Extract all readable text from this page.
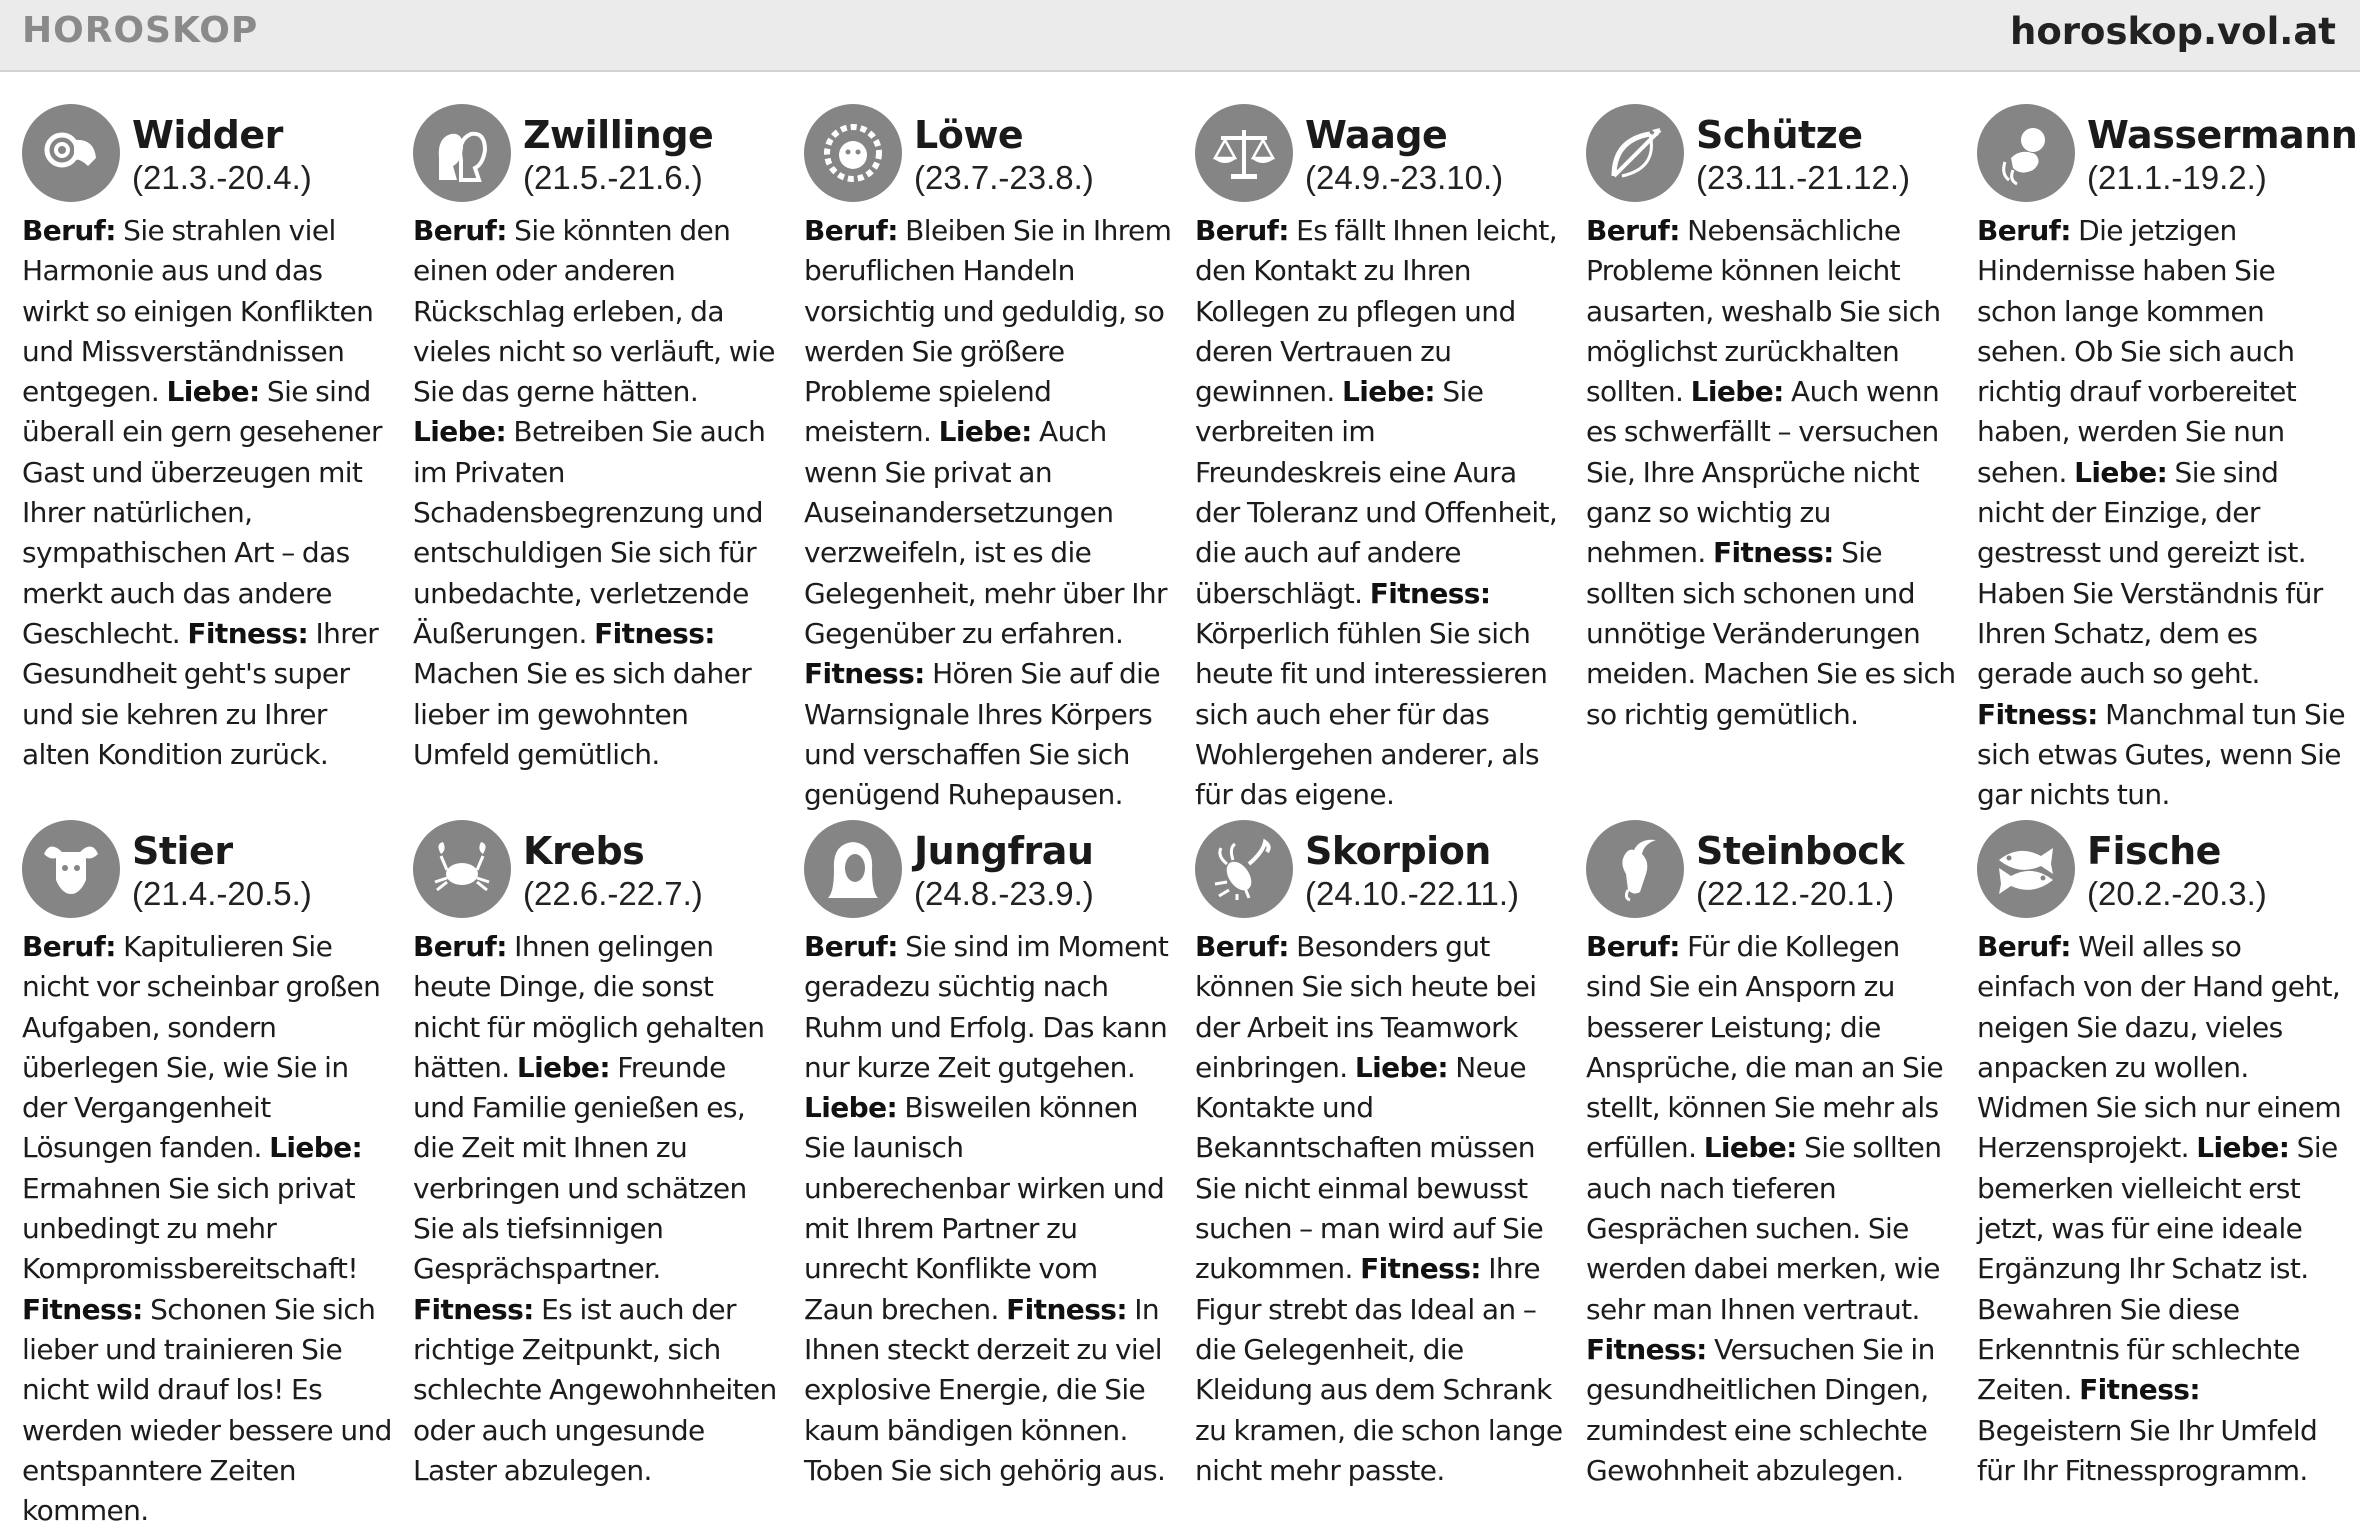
HOROSKOP	horoskop.vol.at
Widder
(21.3.-20.4.)
Beruf: Sie strahlen viel Harmonie aus und das wirkt so einigen Konflikten und Missverständnissen entgegen. Liebe: Sie sind überall ein gern gesehener Gast und überzeugen mit Ihrer natürlichen, sympathischen Art – das merkt auch das andere Geschlecht. Fitness: Ihrer Gesundheit geht's super und sie kehren zu Ihrer alten Kondition zurück.
Zwillinge
(21.5.-21.6.)
Beruf: Sie könnten den einen oder anderen Rückschlag erleben, da vieles nicht so verläuft, wie Sie das gerne hätten. Liebe: Betreiben Sie auch im Privaten Schadensbegrenzung und entschuldigen Sie sich für unbedachte, verletzende Äußerungen. Fitness: Machen Sie es sich daher lieber im gewohnten Umfeld gemütlich.
Löwe
(23.7.-23.8.)
Beruf: Bleiben Sie in Ihrem beruflichen Handeln vorsichtig und geduldig, so werden Sie größere Probleme spielend meistern. Liebe: Auch wenn Sie privat an Auseinandersetzungen verzweifeln, ist es die Gelegenheit, mehr über Ihr Gegenüber zu erfahren. Fitness: Hören Sie auf die Warnsignale Ihres Körpers und verschaffen Sie sich genügend Ruhepausen.
Waage
(24.9.-23.10.)
Beruf: Es fällt Ihnen leicht, den Kontakt zu Ihren Kollegen zu pflegen und deren Vertrauen zu gewinnen. Liebe: Sie verbreiten im Freundeskreis eine Aura der Toleranz und Offenheit, die auch auf andere überschlägt. Fitness: Körperlich fühlen Sie sich heute fit und interessieren sich auch eher für das Wohlergehen anderer, als für das eigene.
Schütze
(23.11.-21.12.)
Beruf: Nebensächliche Probleme können leicht ausarten, weshalb Sie sich möglichst zurückhalten sollten. Liebe: Auch wenn es schwerfällt – versuchen Sie, Ihre Ansprüche nicht ganz so wichtig zu nehmen. Fitness: Sie sollten sich schonen und unnötige Veränderungen meiden. Machen Sie es sich so richtig gemütlich.
Wassermann
(21.1.-19.2.)
Beruf: Die jetzigen Hindernisse haben Sie schon lange kommen sehen. Ob Sie sich auch richtig drauf vorbereitet haben, werden Sie nun sehen. Liebe: Sie sind nicht der Einzige, der gestresst und gereizt ist. Haben Sie Verständnis für Ihren Schatz, dem es gerade auch so geht. Fitness: Manchmal tun Sie sich etwas Gutes, wenn Sie gar nichts tun.
Stier
(21.4.-20.5.)
Beruf: Kapitulieren Sie nicht vor scheinbar großen Aufgaben, sondern überlegen Sie, wie Sie in der Vergangenheit Lösungen fanden. Liebe: Ermahnen Sie sich privat unbedingt zu mehr Kompromissbereitschaft! Fitness: Schonen Sie sich lieber und trainieren Sie nicht wild drauf los! Es werden wieder bessere und entspanntere Zeiten kommen.
Krebs
(22.6.-22.7.)
Beruf: Ihnen gelingen heute Dinge, die sonst nicht für möglich gehalten hätten. Liebe: Freunde und Familie genießen es, die Zeit mit Ihnen zu verbringen und schätzen Sie als tiefsinnigen Gesprächspartner. Fitness: Es ist auch der richtige Zeitpunkt, sich schlechte Angewohnheiten oder auch ungesunde Laster abzulegen.
Jungfrau
(24.8.-23.9.)
Beruf: Sie sind im Moment geradezu süchtig nach Ruhm und Erfolg. Das kann nur kurze Zeit gutgehen. Liebe: Bisweilen können Sie launisch unberechenbar wirken und mit Ihrem Partner zu unrecht Konflikte vom Zaun brechen. Fitness: In Ihnen steckt derzeit zu viel explosive Energie, die Sie kaum bändigen können. Toben Sie sich gehörig aus.
Skorpion
(24.10.-22.11.)
Beruf: Besonders gut können Sie sich heute bei der Arbeit ins Teamwork einbringen. Liebe: Neue Kontakte und Bekanntschaften müssen Sie nicht einmal bewusst suchen – man wird auf Sie zukommen. Fitness: Ihre Figur strebt das Ideal an – die Gelegenheit, die Kleidung aus dem Schrank zu kramen, die schon lange nicht mehr passte.
Steinbock
(22.12.-20.1.)
Beruf: Für die Kollegen sind Sie ein Ansporn zu besserer Leistung; die Ansprüche, die man an Sie stellt, können Sie mehr als erfüllen. Liebe: Sie sollten auch nach tieferen Gesprächen suchen. Sie werden dabei merken, wie sehr man Ihnen vertraut. Fitness: Versuchen Sie in gesundheitlichen Dingen, zumindest eine schlechte Gewohnheit abzulegen.
Fische
(20.2.-20.3.)
Beruf: Weil alles so einfach von der Hand geht, neigen Sie dazu, vieles anpacken zu wollen. Widmen Sie sich nur einem Herzensprojekt. Liebe: Sie bemerken vielleicht erst jetzt, was für eine ideale Ergänzung Ihr Schatz ist. Bewahren Sie diese Erkenntnis für schlechte Zeiten. Fitness: Begeistern Sie Ihr Umfeld für Ihr Fitnessprogramm.
